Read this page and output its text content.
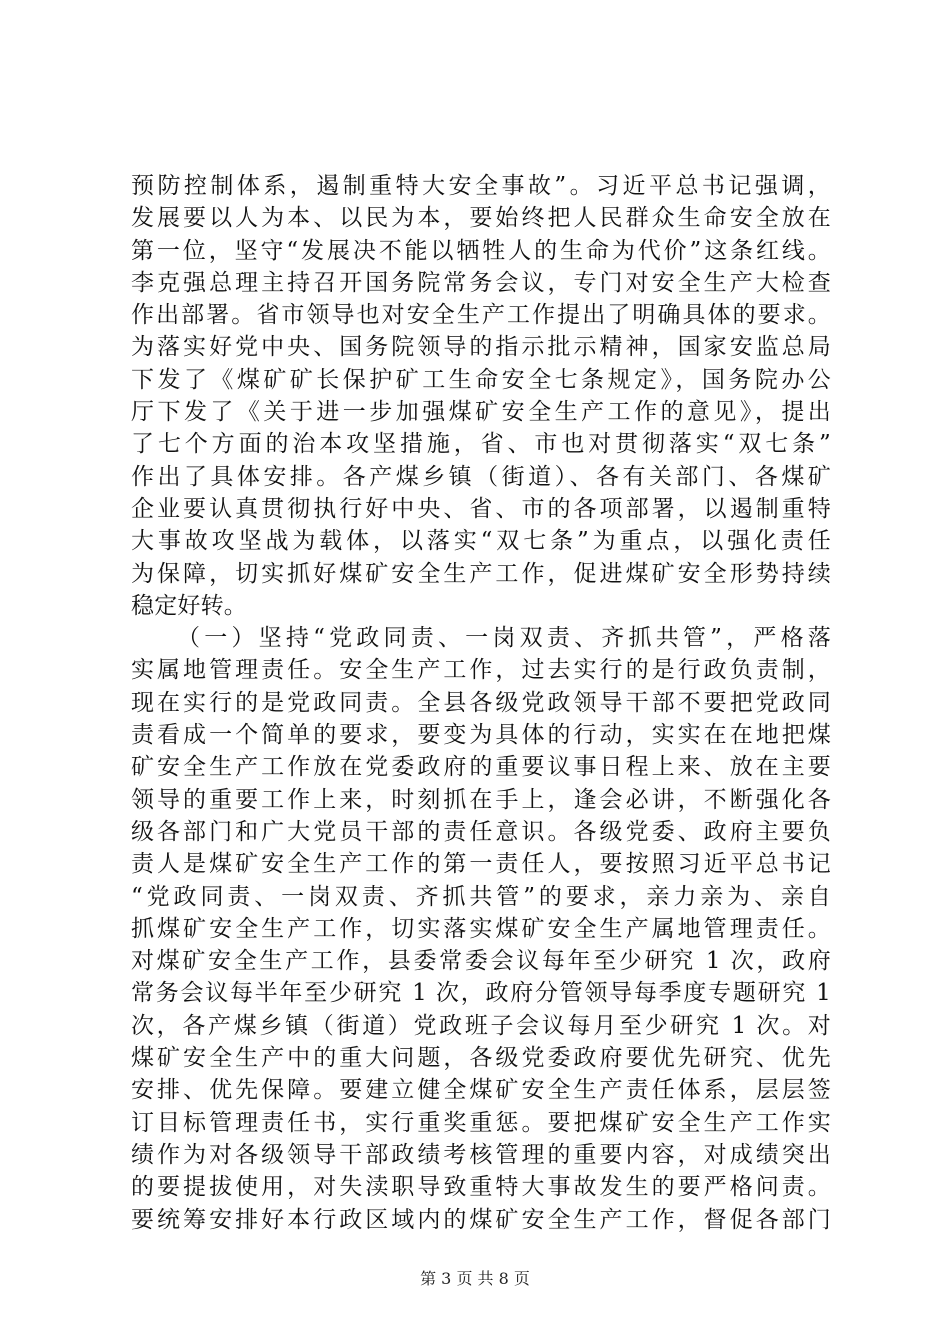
预防控制体系，遏制重特大安全事故”。习近平总书记强调，
发展要以人为本、以民为本，要始终把人民群众生命安全放在
第一位，坚守“发展决不能以牺牲人的生命为代价”这条红线。
李克强总理主持召开国务院常务会议，专门对安全生产大检查
作出部署。省市领导也对安全生产工作提出了明确具体的要求。
为落实好党中央、国务院领导的指示批示精神，国家安监总局
下发了《煤矿矿长保护矿工生命安全七条规定》，国务院办公
厅下发了《关于进一步加强煤矿安全生产工作的意见》，提出
了七个方面的治本攻坚措施，省、市也对贯彻落实“双七条”
作出了具体安排。各产煤乡镇（街道）、各有关部门、各煤矿
企业要认真贯彻执行好中央、省、市的各项部署，以遏制重特
大事故攻坚战为载体，以落实“双七条”为重点，以强化责任
为保障，切实抓好煤矿安全生产工作，促进煤矿安全形势持续
稳定好转。
（一）坚持“党政同责、一岗双责、齐抓共管”，严格落
实属地管理责任。安全生产工作，过去实行的是行政负责制，
现在实行的是党政同责。全县各级党政领导干部不要把党政同
责看成一个简单的要求，要变为具体的行动，实实在在地把煤
矿安全生产工作放在党委政府的重要议事日程上来、放在主要
领导的重要工作上来，时刻抓在手上，逢会必讲，不断强化各
级各部门和广大党员干部的责任意识。各级党委、政府主要负
责人是煤矿安全生产工作的第一责任人，要按照习近平总书记
“党政同责、一岗双责、齐抓共管”的要求，亲力亲为、亲自
抓煤矿安全生产工作，切实落实煤矿安全生产属地管理责任。
对煤矿安全生产工作，县委常委会议每年至少研究 1 次，政府
常务会议每半年至少研究 1 次，政府分管领导每季度专题研究 1
次，各产煤乡镇（街道）党政班子会议每月至少研究 1 次。对
煤矿安全生产中的重大问题，各级党委政府要优先研究、优先
安排、优先保障。要建立健全煤矿安全生产责任体系，层层签
订目标管理责任书，实行重奖重惩。要把煤矿安全生产工作实
绩作为对各级领导干部政绩考核管理的重要内容，对成绩突出
的要提拔使用，对失渎职导致重特大事故发生的要严格问责。
要统筹安排好本行政区域内的煤矿安全生产工作，督促各部门
第 3 页 共 8 页
